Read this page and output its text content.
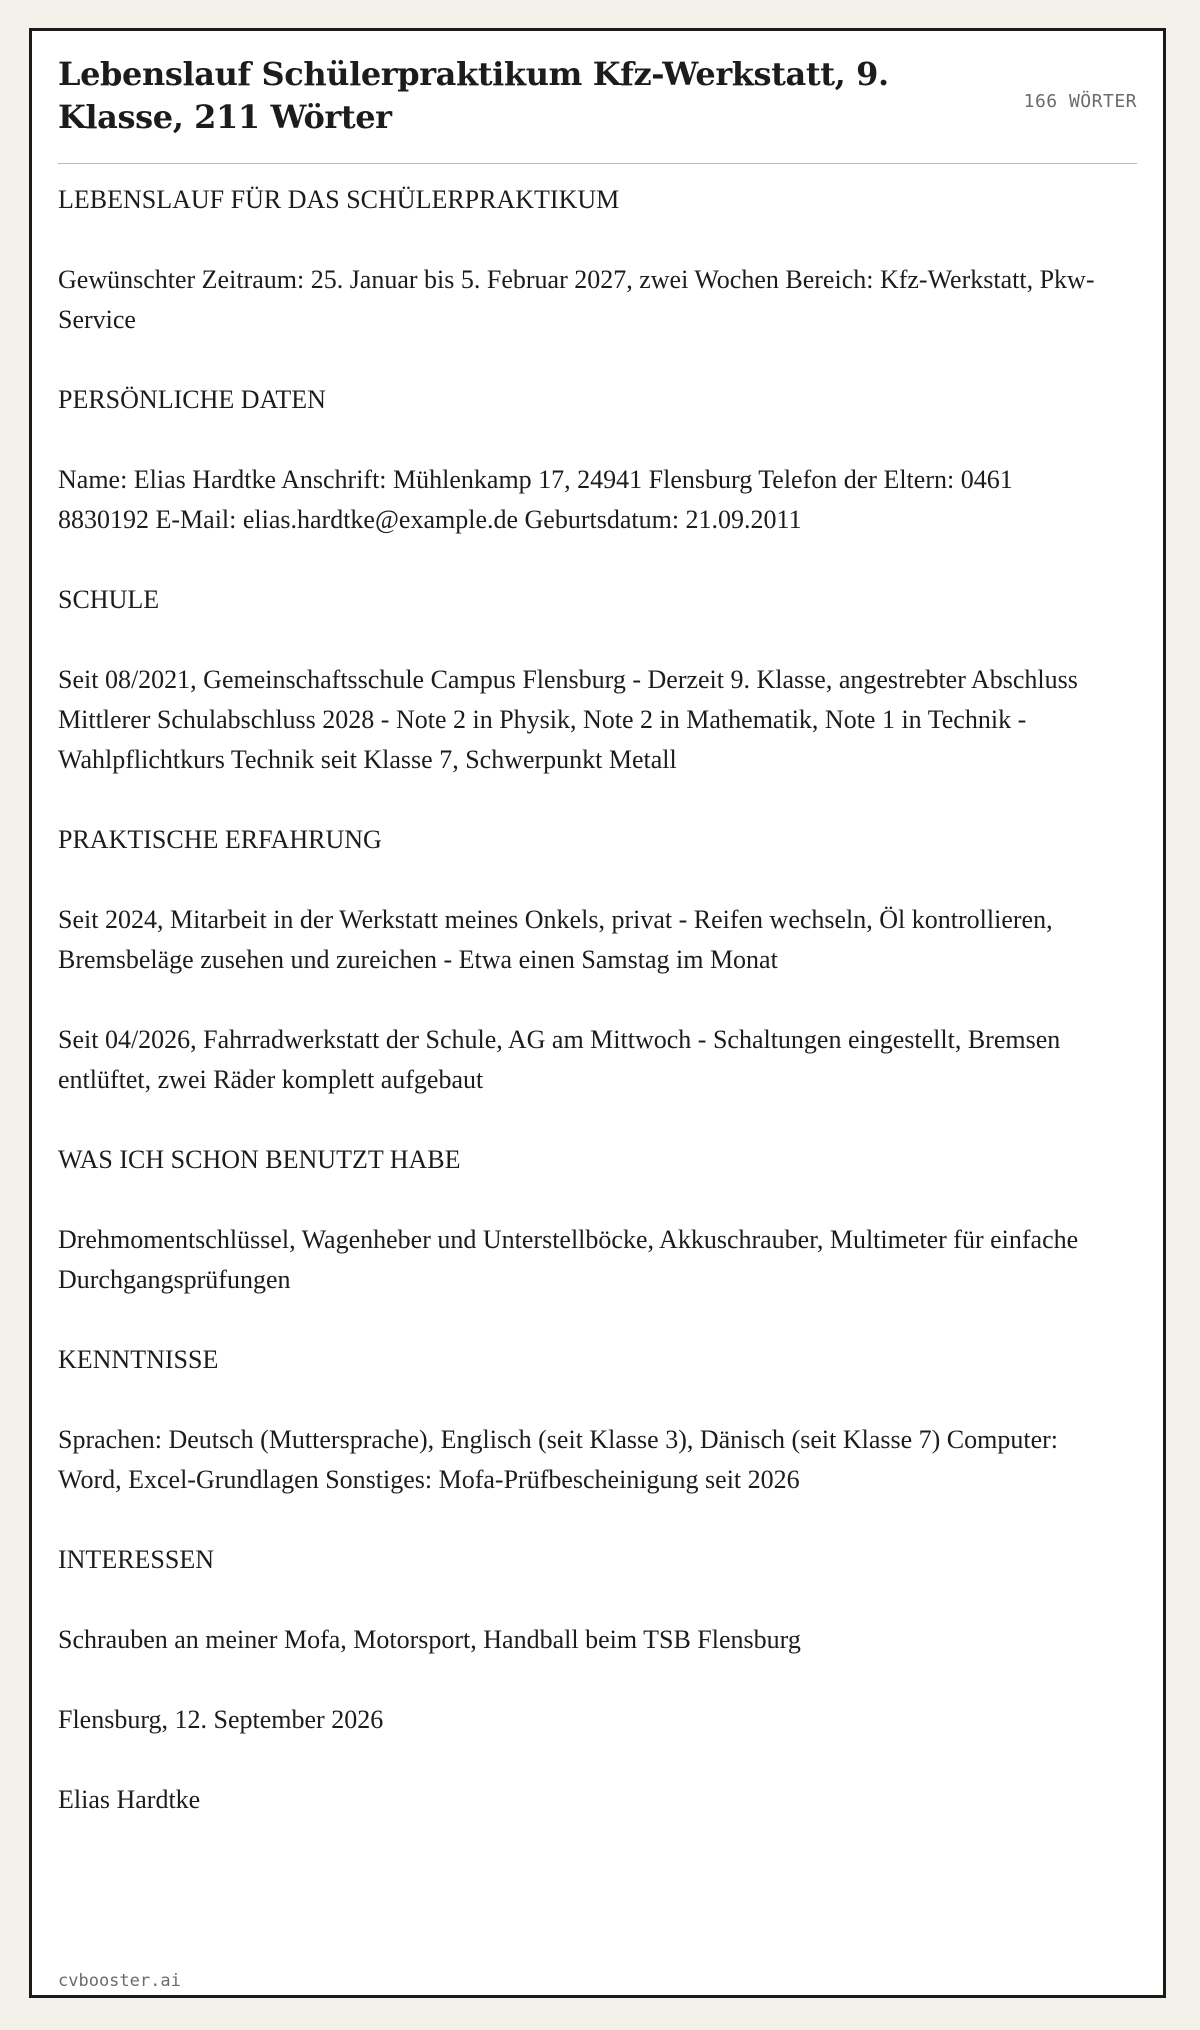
Lebenslauf Schülerpraktikum Kfz-Werkstatt, 9. Klasse, 211 Wörter	166 WÖRTER

LEBENSLAUF FÜR DAS SCHÜLERPRAKTIKUM

Gewünschter Zeitraum: 25. Januar bis 5. Februar 2027, zwei Wochen Bereich: Kfz-Werkstatt, Pkw-Service

PERSÖNLICHE DATEN

Name: Elias Hardtke Anschrift: Mühlenkamp 17, 24941 Flensburg Telefon der Eltern: 0461 8830192 E-Mail: elias.hardtke@example.de Geburtsdatum: 21.09.2011

SCHULE

Seit 08/2021, Gemeinschaftsschule Campus Flensburg - Derzeit 9. Klasse, angestrebter Abschluss Mittlerer Schulabschluss 2028 - Note 2 in Physik, Note 2 in Mathematik, Note 1 in Technik - Wahlpflichtkurs Technik seit Klasse 7, Schwerpunkt Metall

PRAKTISCHE ERFAHRUNG

Seit 2024, Mitarbeit in der Werkstatt meines Onkels, privat - Reifen wechseln, Öl kontrollieren, Bremsbeläge zusehen und zureichen - Etwa einen Samstag im Monat

Seit 04/2026, Fahrradwerkstatt der Schule, AG am Mittwoch - Schaltungen eingestellt, Bremsen entlüftet, zwei Räder komplett aufgebaut

WAS ICH SCHON BENUTZT HABE

Drehmomentschlüssel, Wagenheber und Unterstellböcke, Akkuschrauber, Multimeter für einfache Durchgangsprüfungen

KENNTNISSE

Sprachen: Deutsch (Muttersprache), Englisch (seit Klasse 3), Dänisch (seit Klasse 7) Computer: Word, Excel-Grundlagen Sonstiges: Mofa-Prüfbescheinigung seit 2026

INTERESSEN

Schrauben an meiner Mofa, Motorsport, Handball beim TSB Flensburg

Flensburg, 12. September 2026

Elias Hardtke

cvbooster.ai
